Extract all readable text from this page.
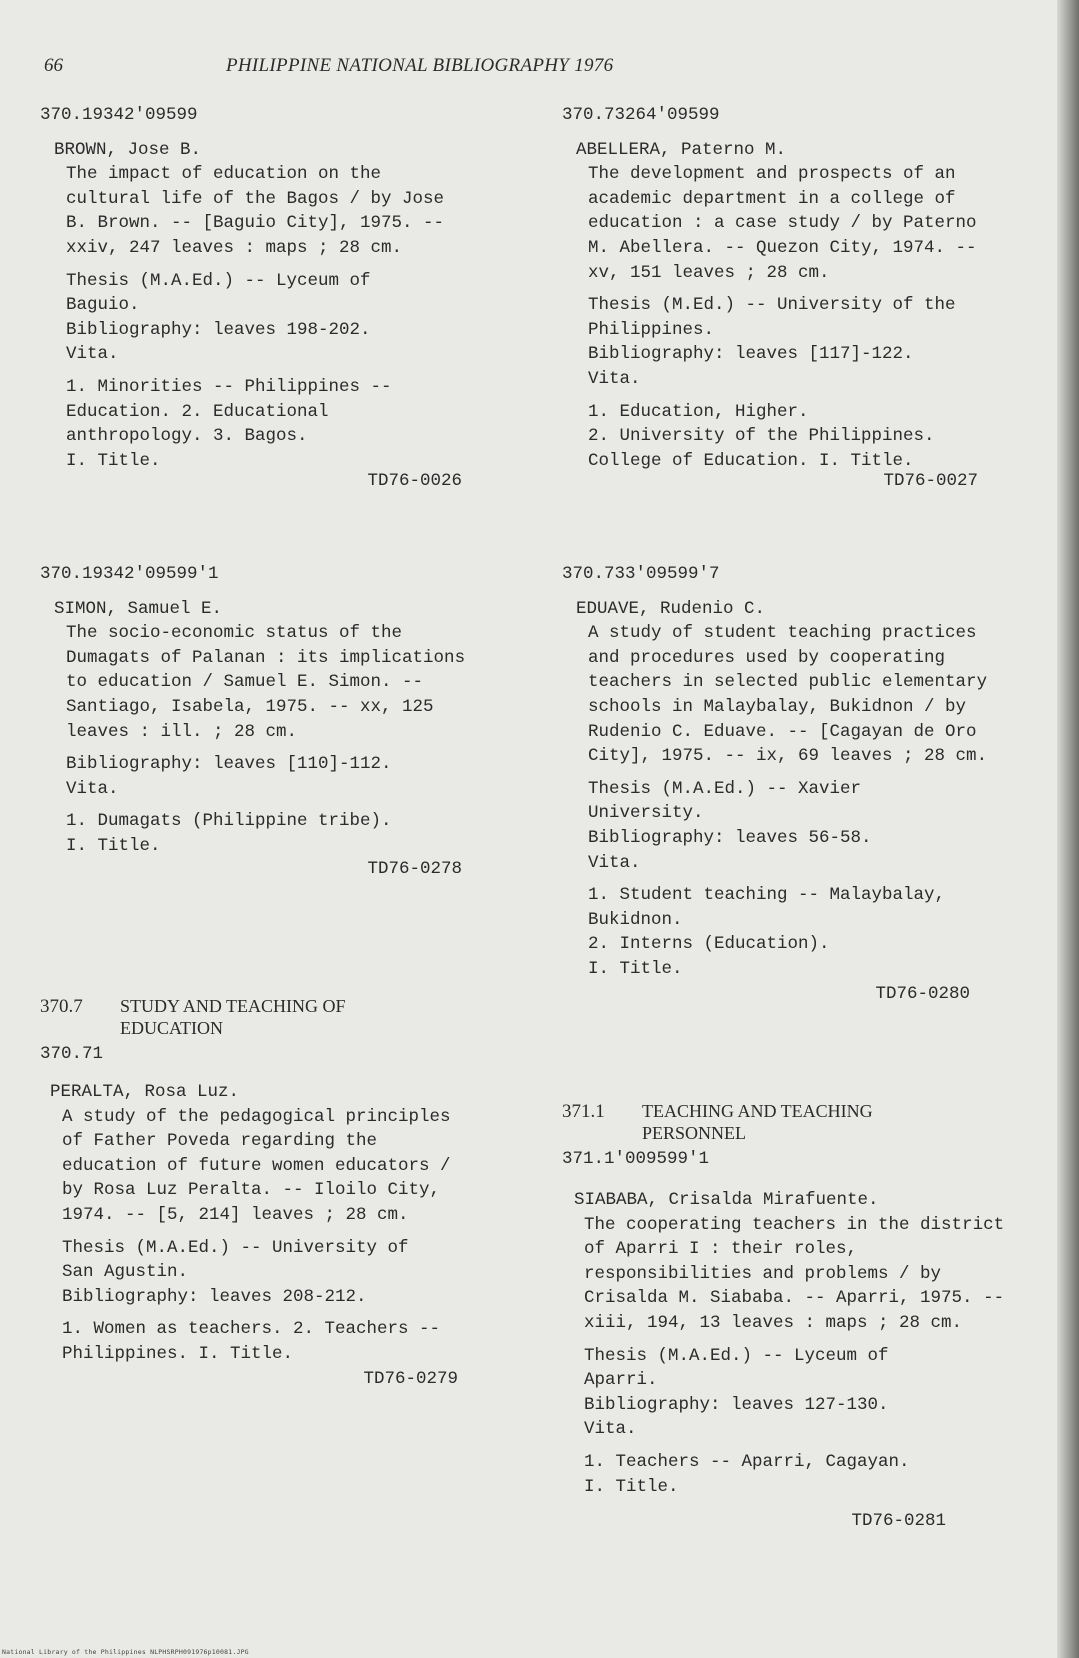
66	PHILIPPINE NATIONAL BIBLIOGRAPHY 1976
370.19342'09599
BROWN, Jose B.
The impact of education on the cultural life of the Bagos / by Jose B. Brown. -- [Baguio City], 1975. -- xxiv, 247 leaves : maps ; 28 cm.
Thesis (M.A.Ed.) -- Lyceum of Baguio.
Bibliography: leaves 198-202.
Vita.
1. Minorities -- Philippines -- Education. 2. Educational anthropology. 3. Bagos.
I. Title.
TD76-0026
370.19342'09599'1
SIMON, Samuel E.
The socio-economic status of the Dumagats of Palanan : its implications to education / Samuel E. Simon. -- Santiago, Isabela, 1975. -- xx, 125 leaves : ill. ; 28 cm.
Bibliography: leaves [110]-112.
Vita.
1. Dumagats (Philippine tribe).
I. Title.
TD76-0278
370.7 STUDY AND TEACHING OF EDUCATION
370.71
PERALTA, Rosa Luz.
A study of the pedagogical principles of Father Poveda regarding the education of future women educators / by Rosa Luz Peralta. -- Iloilo City, 1974. -- [5, 214] leaves ; 28 cm.
Thesis (M.A.Ed.) -- University of San Agustin.
Bibliography: leaves 208-212.
1. Women as teachers. 2. Teachers -- Philippines. I. Title.
TD76-0279
370.73264'09599
ABELLERA, Paterno M.
The development and prospects of an academic department in a college of education : a case study / by Paterno M. Abellera. -- Quezon City, 1974. -- xv, 151 leaves ; 28 cm.
Thesis (M.Ed.) -- University of the Philippines.
Bibliography: leaves [117]-122.
Vita.
1. Education, Higher.
2. University of the Philippines. College of Education. I. Title.
TD76-0027
370.733'09599'7
EDUAVE, Rudenio C.
A study of student teaching practices and procedures used by cooperating teachers in selected public elementary schools in Malaybalay, Bukidnon / by Rudenio C. Eduave. -- [Cagayan de Oro City], 1975. -- ix, 69 leaves ; 28 cm.
Thesis (M.A.Ed.) -- Xavier University.
Bibliography: leaves 56-58.
Vita.
1. Student teaching -- Malaybalay, Bukidnon.
2. Interns (Education).
I. Title.
TD76-0280
371.1 TEACHING AND TEACHING PERSONNEL
371.1'009599'1
SIABABA, Crisalda Mirafuente.
The cooperating teachers in the district of Aparri I : their roles, responsibilities and problems / by Crisalda M. Siababa. -- Aparri, 1975. -- xiii, 194, 13 leaves : maps ; 28 cm.
Thesis (M.A.Ed.) -- Lyceum of Aparri.
Bibliography: leaves 127-130.
Vita.
1. Teachers -- Aparri, Cagayan.
I. Title.
TD76-0281
National Library of the Philippines NLPHSRPH091976p10081.JPG
